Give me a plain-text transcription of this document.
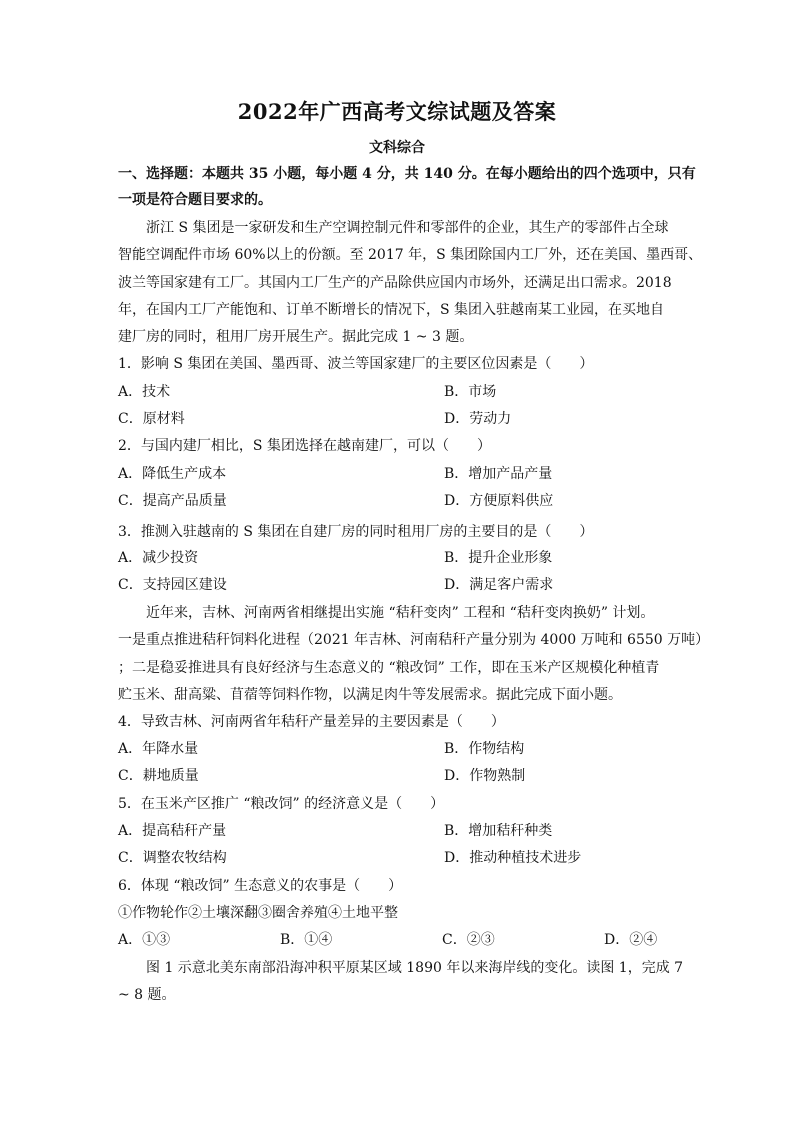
2022年广西高考文综试题及答案
文科综合
一、选择题：本题共 35 小题，每小题 4 分，共 140 分。在每小题给出的四个选项中，只有
一项是符合题目要求的。
浙江 S 集团是一家研发和生产空调控制元件和零部件的企业，其生产的零部件占全球
智能空调配件市场 60%以上的份额。至 2017 年，S 集团除国内工厂外，还在美国、墨西哥、
波兰等国家建有工厂。其国内工厂生产的产品除供应国内市场外，还满足出口需求。2018
年，在国内工厂产能饱和、订单不断增长的情况下，S 集团入驻越南某工业园，在买地自
建厂房的同时，租用厂房开展生产。据此完成 1 ~ 3 题。
1．影响 S 集团在美国、墨西哥、波兰等国家建厂的主要区位因素是（　　）
A．技术	B．市场
C．原材料	D．劳动力
2．与国内建厂相比，S 集团选择在越南建厂，可以（　　）
A．降低生产成本	B．增加产品产量
C．提高产品质量	D．方便原料供应
3．推测入驻越南的 S 集团在自建厂房的同时租用厂房的主要目的是（　　）
A．减少投资	B．提升企业形象
C．支持园区建设	D．满足客户需求
近年来，吉林、河南两省相继提出实施 “秸秆变肉” 工程和 “秸秆变肉换奶” 计划。
一是重点推进秸秆饲料化进程（2021 年吉林、河南秸秆产量分别为 4000 万吨和 6550 万吨）
；二是稳妥推进具有良好经济与生态意义的 “粮改饲” 工作，即在玉米产区规模化种植青
贮玉米、甜高粱、苜蓿等饲料作物，以满足肉牛等发展需求。据此完成下面小题。
4．导致吉林、河南两省年秸秆产量差异的主要因素是（　　）
A．年降水量	B．作物结构
C．耕地质量	D．作物熟制
5．在玉米产区推广 “粮改饲” 的经济意义是（　　）
A．提高秸秆产量	B．增加秸秆种类
C．调整农牧结构	D．推动种植技术进步
6．体现 “粮改饲” 生态意义的农事是（　　）
①作物轮作②土壤深翻③圈舍养殖④土地平整
A．①③	B．①④	C．②③	D．②④
图 1 示意北美东南部沿海冲积平原某区域 1890 年以来海岸线的变化。读图 1，完成 7
~ 8 题。
